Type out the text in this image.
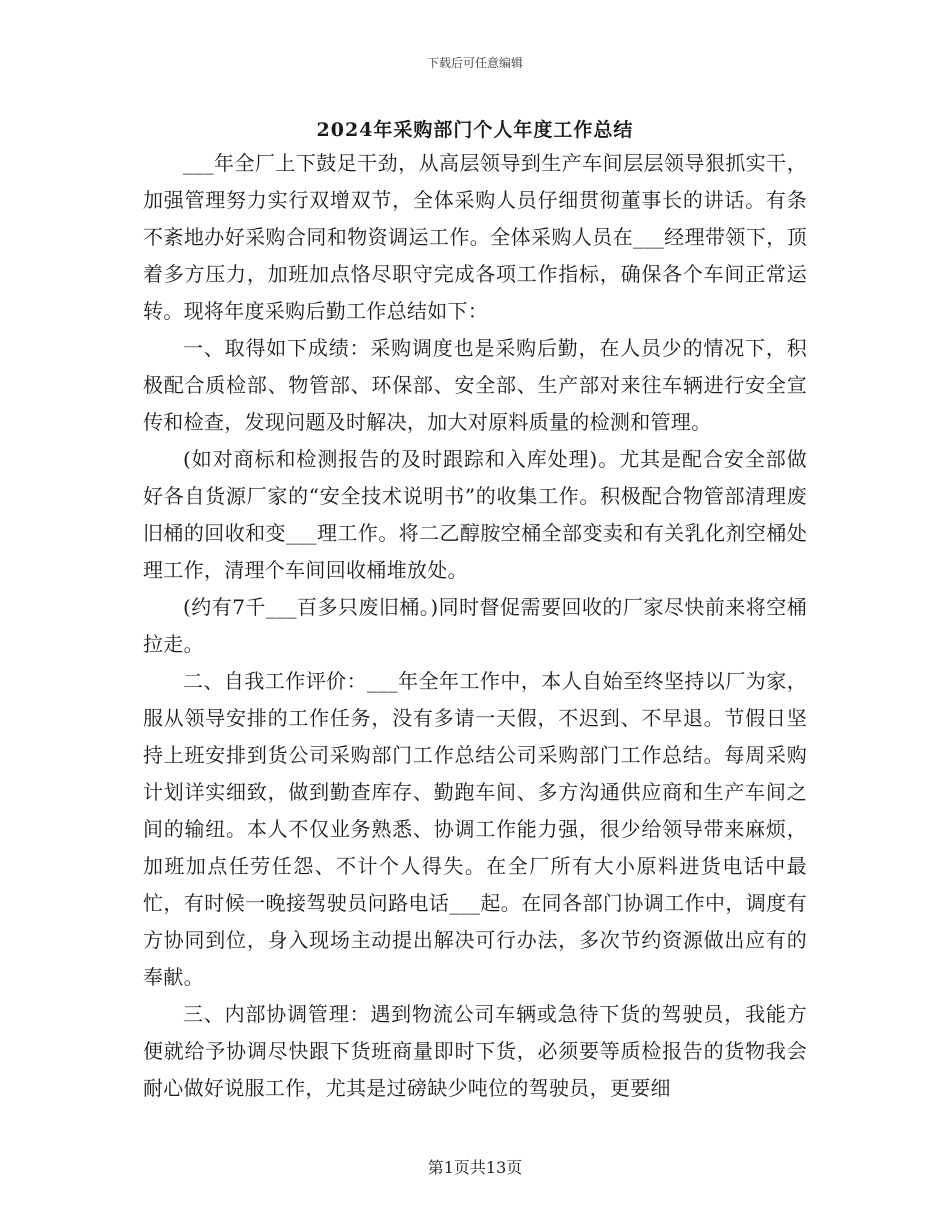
下载后可任意编辑
2024年采购部门个人年度工作总结

___年全厂上下鼓足干劲，从高层领导到生产车间层层领导狠抓实干，加强管理努力实行双增双节，全体采购人员仔细贯彻董事长的讲话。有条不紊地办好采购合同和物资调运工作。全体采购人员在___经理带领下，顶着多方压力，加班加点恪尽职守完成各项工作指标，确保各个车间正常运转。现将年度采购后勤工作总结如下：

一、取得如下成绩：采购调度也是采购后勤，在人员少的情况下，积极配合质检部、物管部、环保部、安全部、生产部对来往车辆进行安全宣传和检查，发现问题及时解决，加大对原料质量的检测和管理。

(如对商标和检测报告的及时跟踪和入库处理)。尤其是配合安全部做好各自货源厂家的“安全技术说明书”的收集工作。积极配合物管部清理废旧桶的回收和变___理工作。将二乙醇胺空桶全部变卖和有关乳化剂空桶处理工作，清理个车间回收桶堆放处。

(约有7千___百多只废旧桶。)同时督促需要回收的厂家尽快前来将空桶拉走。

二、自我工作评价：___年全年工作中，本人自始至终坚持以厂为家，服从领导安排的工作任务，没有多请一天假，不迟到、不早退。节假日坚持上班安排到货公司采购部门工作总结公司采购部门工作总结。每周采购计划详实细致，做到勤查库存、勤跑车间、多方沟通供应商和生产车间之间的输纽。本人不仅业务熟悉、协调工作能力强，很少给领导带来麻烦，加班加点任劳任怨、不计个人得失。在全厂所有大小原料进货电话中最忙，有时候一晚接驾驶员问路电话___起。在同各部门协调工作中，调度有方协同到位，身入现场主动提出解决可行办法，多次节约资源做出应有的奉献。

三、内部协调管理：遇到物流公司车辆或急待下货的驾驶员，我能方便就给予协调尽快跟下货班商量即时下货，必须要等质检报告的货物我会耐心做好说服工作，尤其是过磅缺少吨位的驾驶员，更要细

第1页共13页
